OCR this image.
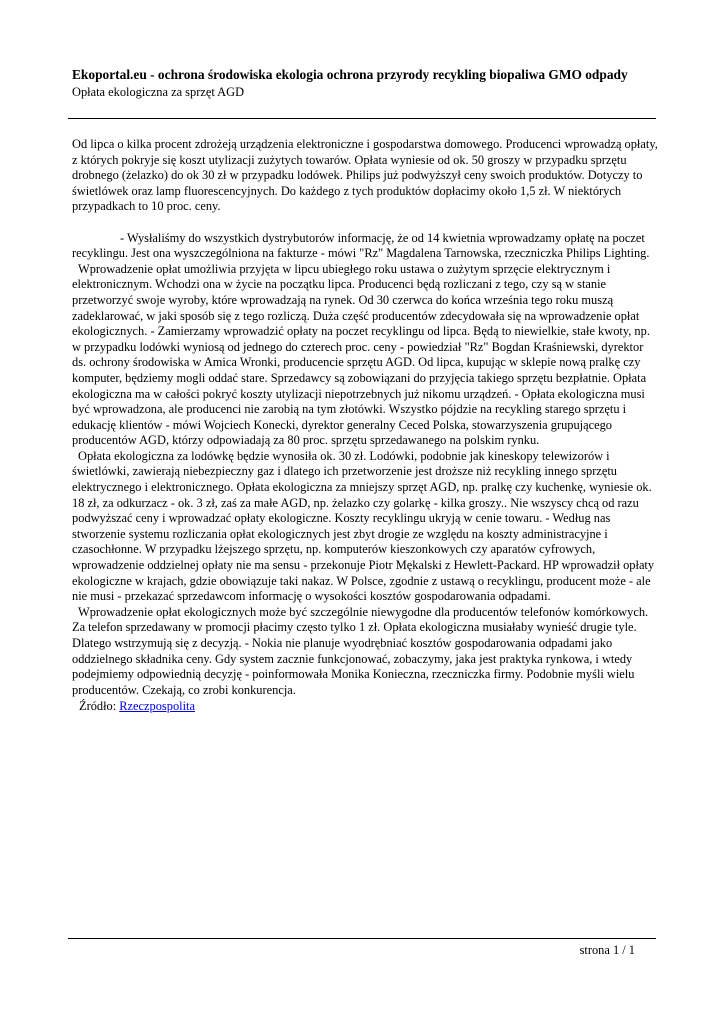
Ekoportal.eu - ochrona środowiska ekologia ochrona przyrody recykling biopaliwa GMO odpady
Opłata ekologiczna za sprzęt AGD

Od lipca o kilka procent zdrożeją urządzenia elektroniczne i gospodarstwa domowego. Producenci wprowadzą opłaty, z których pokryje się koszt utylizacji zużytych towarów. Opłata wyniesie od ok. 50 groszy w przypadku sprzętu drobnego (żelazko) do ok 30 zł w przypadku lodówek. Philips już podwyższył ceny swoich produktów. Dotyczy to świetlówek oraz lamp fluorescencyjnych. Do każdego z tych produktów dopłacimy około 1,5 zł. W niektórych przypadkach to 10 proc. ceny.

- Wysłaliśmy do wszystkich dystrybutorów informację, że od 14 kwietnia wprowadzamy opłatę na poczet recyklingu. Jest ona wyszczególniona na fakturze - mówi "Rz" Magdalena Tarnowska, rzeczniczka Philips Lighting.

Wprowadzenie opłat umożliwia przyjęta w lipcu ubiegłego roku ustawa o zużytym sprzęcie elektrycznym i elektronicznym. Wchodzi ona w życie na początku lipca. Producenci będą rozliczani z tego, czy są w stanie przetworzyć swoje wyroby, które wprowadzają na rynek. Od 30 czerwca do końca września tego roku muszą zadeklarować, w jaki sposób się z tego rozliczą. Duża część producentów zdecydowała się na wprowadzenie opłat ekologicznych. - Zamierzamy wprowadzić opłaty na poczet recyklingu od lipca. Będą to niewielkie, stałe kwoty, np. w przypadku lodówki wyniosą od jednego do czterech proc. ceny - powiedział "Rz" Bogdan Kraśniewski, dyrektor ds. ochrony środowiska w Amica Wronki, producencie sprzętu AGD. Od lipca, kupując w sklepie nową pralkę czy komputer, będziemy mogli oddać stare. Sprzedawcy są zobowiązani do przyjęcia takiego sprzętu bezpłatnie. Opłata ekologiczna ma w całości pokryć koszty utylizacji niepotrzebnych już nikomu urządzeń. - Opłata ekologiczna musi być wprowadzona, ale producenci nie zarobią na tym złotówki. Wszystko pójdzie na recykling starego sprzętu i edukację klientów - mówi Wojciech Konecki, dyrektor generalny Ceced Polska, stowarzyszenia grupującego producentów AGD, którzy odpowiadają za 80 proc. sprzętu sprzedawanego na polskim rynku.

Opłata ekologiczna za lodówkę będzie wynosiła ok. 30 zł. Lodówki, podobnie jak kineskopy telewizorów i świetlówki, zawierają niebezpieczny gaz i dlatego ich przetworzenie jest droższe niż recykling innego sprzętu elektrycznego i elektronicznego. Opłata ekologiczna za mniejszy sprzęt AGD, np. pralkę czy kuchenkę, wyniesie ok. 18 zł, za odkurzacz - ok. 3 zł, zaś za małe AGD, np. żelazko czy golarkę - kilka groszy.. Nie wszyscy chcą od razu podwyższać ceny i wprowadzać opłaty ekologiczne. Koszty recyklingu ukryją w cenie towaru. - Według nas stworzenie systemu rozliczania opłat ekologicznych jest zbyt drogie ze względu na koszty administracyjne i czasochłonne. W przypadku lżejszego sprzętu, np. komputerów kieszonkowych czy aparatów cyfrowych, wprowadzenie oddzielnej opłaty nie ma sensu - przekonuje Piotr Mękalski z Hewlett-Packard. HP wprowadził opłaty ekologiczne w krajach, gdzie obowiązuje taki nakaz. W Polsce, zgodnie z ustawą o recyklingu, producent może - ale nie musi - przekazać sprzedawcom informację o wysokości kosztów gospodarowania odpadami.

Wprowadzenie opłat ekologicznych może być szczególnie niewygodne dla producentów telefonów komórkowych. Za telefon sprzedawany w promocji płacimy często tylko 1 zł. Opłata ekologiczna musiałaby wynieść drugie tyle. Dlatego wstrzymują się z decyzją. - Nokia nie planuje wyodrębniać kosztów gospodarowania odpadami jako oddzielnego składnika ceny. Gdy system zacznie funkcjonować, zobaczymy, jaka jest praktyka rynkowa, i wtedy podejmiemy odpowiednią decyzję - poinformowała Monika Konieczna, rzeczniczka firmy. Podobnie myśli wielu producentów. Czekają, co zrobi konkurencja.

Źródło: Rzeczpospolita
strona 1 / 1
